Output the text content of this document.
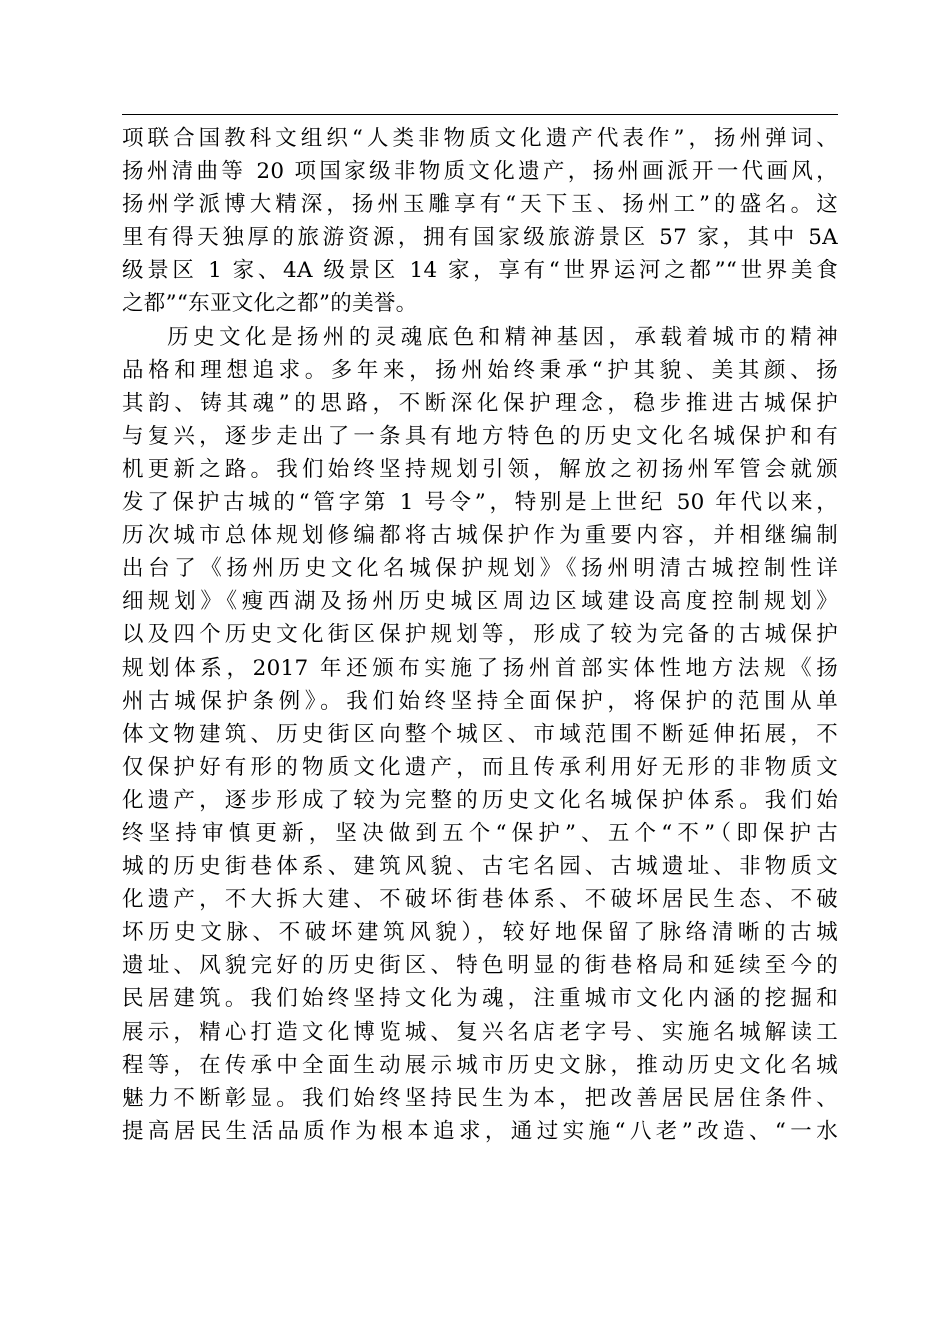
项联合国教科文组织“人类非物质文化遗产代表作”，扬州弹词、
扬州清曲等 20 项国家级非物质文化遗产，扬州画派开一代画风，
扬州学派博大精深，扬州玉雕享有“天下玉、扬州工”的盛名。这
里有得天独厚的旅游资源，拥有国家级旅游景区 57 家，其中 5A
级景区 1 家、4A 级景区 14 家，享有“世界运河之都”“世界美食
之都”“东亚文化之都”的美誉。
历史文化是扬州的灵魂底色和精神基因，承载着城市的精神
品格和理想追求。多年来，扬州始终秉承“护其貌、美其颜、扬
其韵、铸其魂”的思路，不断深化保护理念，稳步推进古城保护
与复兴，逐步走出了一条具有地方特色的历史文化名城保护和有
机更新之路。我们始终坚持规划引领，解放之初扬州军管会就颁
发了保护古城的“管字第 1 号令”，特别是上世纪 50 年代以来，
历次城市总体规划修编都将古城保护作为重要内容，并相继编制
出台了《扬州历史文化名城保护规划》《扬州明清古城控制性详
细规划》《瘦西湖及扬州历史城区周边区域建设高度控制规划》
以及四个历史文化街区保护规划等，形成了较为完备的古城保护
规划体系，2017 年还颁布实施了扬州首部实体性地方法规《扬
州古城保护条例》。我们始终坚持全面保护，将保护的范围从单
体文物建筑、历史街区向整个城区、市域范围不断延伸拓展，不
仅保护好有形的物质文化遗产，而且传承利用好无形的非物质文
化遗产，逐步形成了较为完整的历史文化名城保护体系。我们始
终坚持审慎更新，坚决做到五个“保护”、五个“不”（即保护古
城的历史街巷体系、建筑风貌、古宅名园、古城遗址、非物质文
化遗产，不大拆大建、不破坏街巷体系、不破坏居民生态、不破
坏历史文脉、不破坏建筑风貌），较好地保留了脉络清晰的古城
遗址、风貌完好的历史街区、特色明显的街巷格局和延续至今的
民居建筑。我们始终坚持文化为魂，注重城市文化内涵的挖掘和
展示，精心打造文化博览城、复兴名店老字号、实施名城解读工
程等，在传承中全面生动展示城市历史文脉，推动历史文化名城
魅力不断彰显。我们始终坚持民生为本，把改善居民居住条件、
提高居民生活品质作为根本追求，通过实施“八老”改造、“一水
